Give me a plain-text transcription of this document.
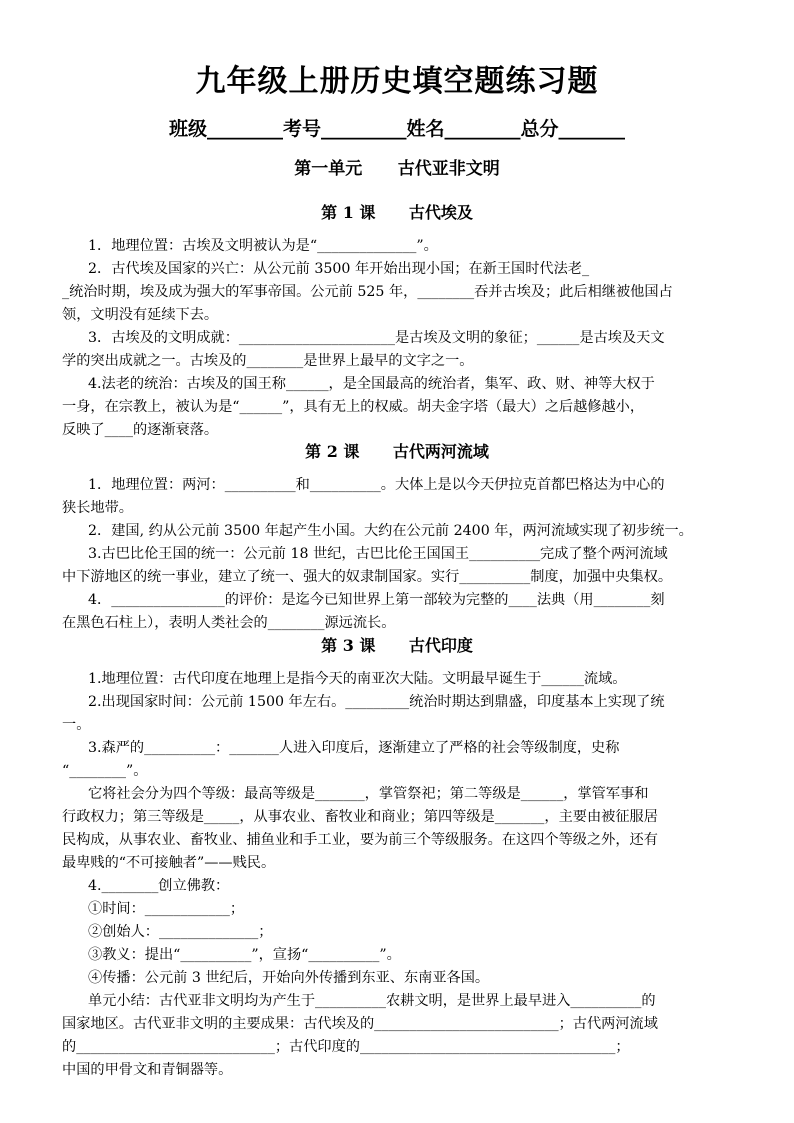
九年级上册历史填空题练习题
班级________考号_________姓名________总分_______
第一单元      古代亚非文明
第 1 课      古代埃及
1．地理位置：古埃及文明被认为是“______________”。
2．古代埃及国家的兴亡：从公元前 3500 年开始出现小国；在新王国时代法老_
_统治时期，埃及成为强大的军事帝国。公元前 525 年，________吞并古埃及；此后相继被他国占
领，文明没有延续下去。
3．古埃及的文明成就：______________________是古埃及文明的象征；______是古埃及天文
学的突出成就之一。古埃及的________是世界上最早的文字之一。
4.法老的统治：古埃及的国王称______，是全国最高的统治者，集军、政、财、神等大权于
一身，在宗教上，被认为是“______”，具有无上的权威。胡夫金字塔（最大）之后越修越小，
反映了____的逐渐衰落。
第 2 课      古代两河流域
1．地理位置：两河：__________和__________。大体上是以今天伊拉克首都巴格达为中心的
狭长地带。
2．建国, 约从公元前 3500 年起产生小国。大约在公元前 2400 年，两河流域实现了初步统一。
3.古巴比伦王国的统一：公元前 18 世纪，古巴比伦王国国王__________完成了整个两河流域
中下游地区的统一事业，建立了统一、强大的奴隶制国家。实行__________制度，加强中央集权。
4．________________的评价：是迄今已知世界上第一部较为完整的____法典（用________刻
在黑色石柱上），表明人类社会的________源远流长。
第 3 课      古代印度
1.地理位置：古代印度在地理上是指今天的南亚次大陆。文明最早诞生于______流域。
2.出现国家时间：公元前 1500 年左右。_________统治时期达到鼎盛，印度基本上实现了统
一。
3.森严的__________：_______人进入印度后，逐渐建立了严格的社会等级制度，史称
“________”。
它将社会分为四个等级：最高等级是_______，掌管祭祀；第二等级是______，掌管军事和
行政权力；第三等级是_____，从事农业、畜牧业和商业；第四等级是_______，主要由被征服居
民构成，从事农业、畜牧业、捕鱼业和手工业，要为前三个等级服务。在这四个等级之外，还有
最卑贱的“不可接触者”——贱民。
4.________创立佛教：
①时间：____________；
②创始人：______________；
③教义：提出“__________”，宣扬“__________”。
④传播：公元前 3 世纪后，开始向外传播到东亚、东南亚各国。
单元小结：古代亚非文明均为产生于__________农耕文明，是世界上最早进入__________的
国家地区。古代亚非文明的主要成果：古代埃及的__________________________；古代两河流域
的____________________________；古代印度的____________________________________；
中国的甲骨文和青铜器等。
